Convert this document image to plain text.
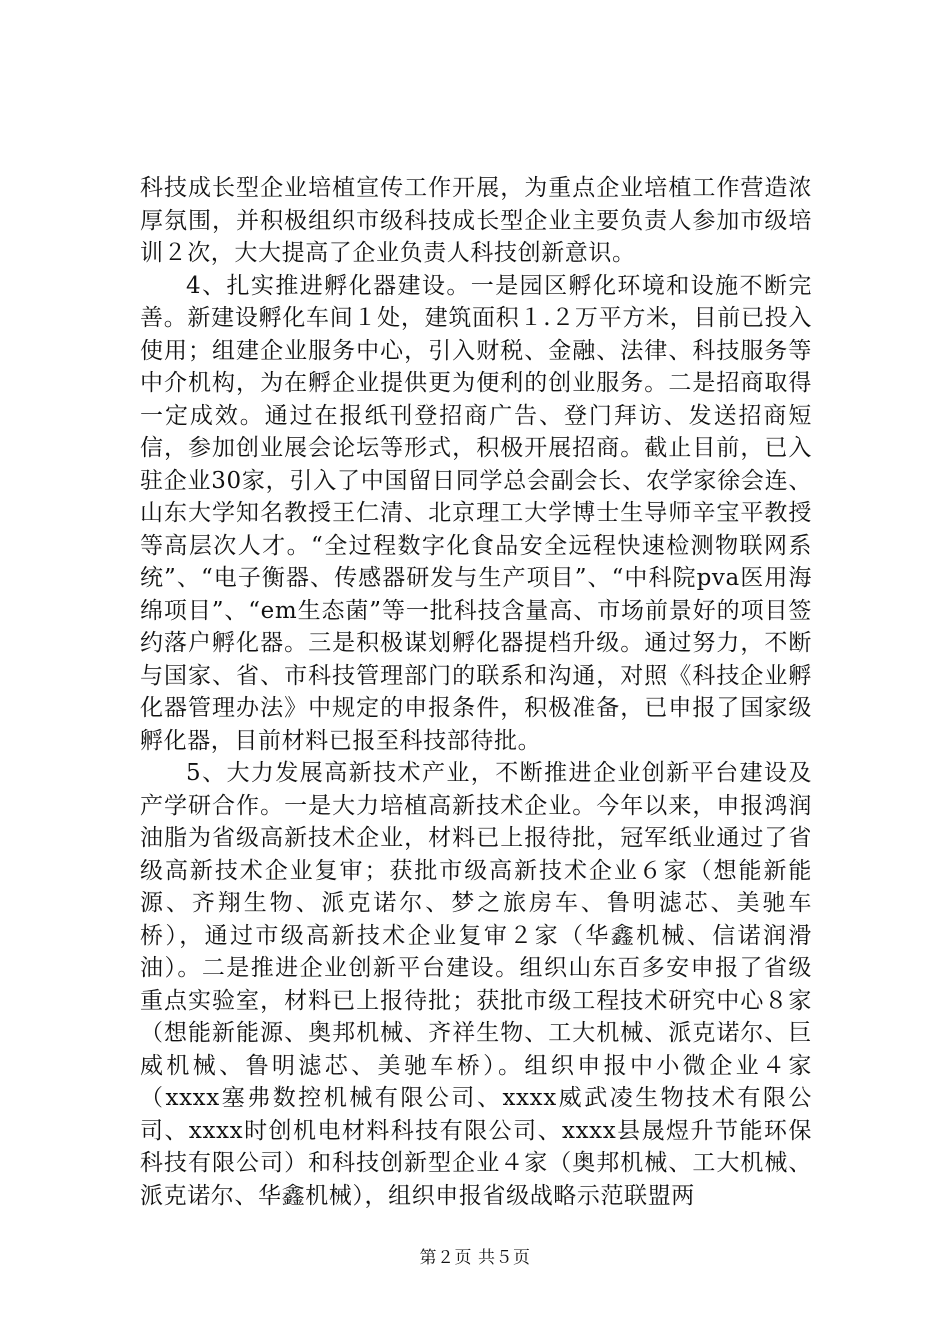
科技成长型企业培植宣传工作开展，为重点企业培植工作营造浓厚氛围，并积极组织市级科技成长型企业主要负责人参加市级培训２次，大大提高了企业负责人科技创新意识。

4、扎实推进孵化器建设。一是园区孵化环境和设施不断完善。新建设孵化车间１处，建筑面积１.２万平方米，目前已投入使用；组建企业服务中心，引入财税、金融、法律、科技服务等中介机构，为在孵企业提供更为便利的创业服务。二是招商取得一定成效。通过在报纸刊登招商广告、登门拜访、发送招商短信，参加创业展会论坛等形式，积极开展招商。截止目前，已入驻企业30家，引入了中国留日同学总会副会长、农学家徐会连、山东大学知名教授王仁清、北京理工大学博士生导师辛宝平教授等高层次人才。“全过程数字化食品安全远程快速检测物联网系统”、“电子衡器、传感器研发与生产项目”、“中科院pva医用海绵项目”、“em生态菌”等一批科技含量高、市场前景好的项目签约落户孵化器。三是积极谋划孵化器提档升级。通过努力，不断与国家、省、市科技管理部门的联系和沟通，对照《科技企业孵化器管理办法》中规定的申报条件，积极准备，已申报了国家级孵化器，目前材料已报至科技部待批。

5、大力发展高新技术产业，不断推进企业创新平台建设及产学研合作。一是大力培植高新技术企业。今年以来，申报鸿润油脂为省级高新技术企业，材料已上报待批，冠军纸业通过了省级高新技术企业复审；获批市级高新技术企业６家（想能新能源、齐翔生物、派克诺尔、梦之旅房车、鲁明滤芯、美驰车桥），通过市级高新技术企业复审２家（华鑫机械、信诺润滑油）。二是推进企业创新平台建设。组织山东百多安申报了省级重点实验室，材料已上报待批；获批市级工程技术研究中心８家（想能新能源、奥邦机械、齐祥生物、工大机械、派克诺尔、巨威机械、鲁明滤芯、美驰车桥）。组织申报中小微企业４家（xxxx塞弗数控机械有限公司、xxxx威武凌生物技术有限公司、xxxx时创机电材料科技有限公司、xxxx县晟煜升节能环保科技有限公司）和科技创新型企业４家（奥邦机械、工大机械、派克诺尔、华鑫机械），组织申报省级战略示范联盟两

第２页 共５页
